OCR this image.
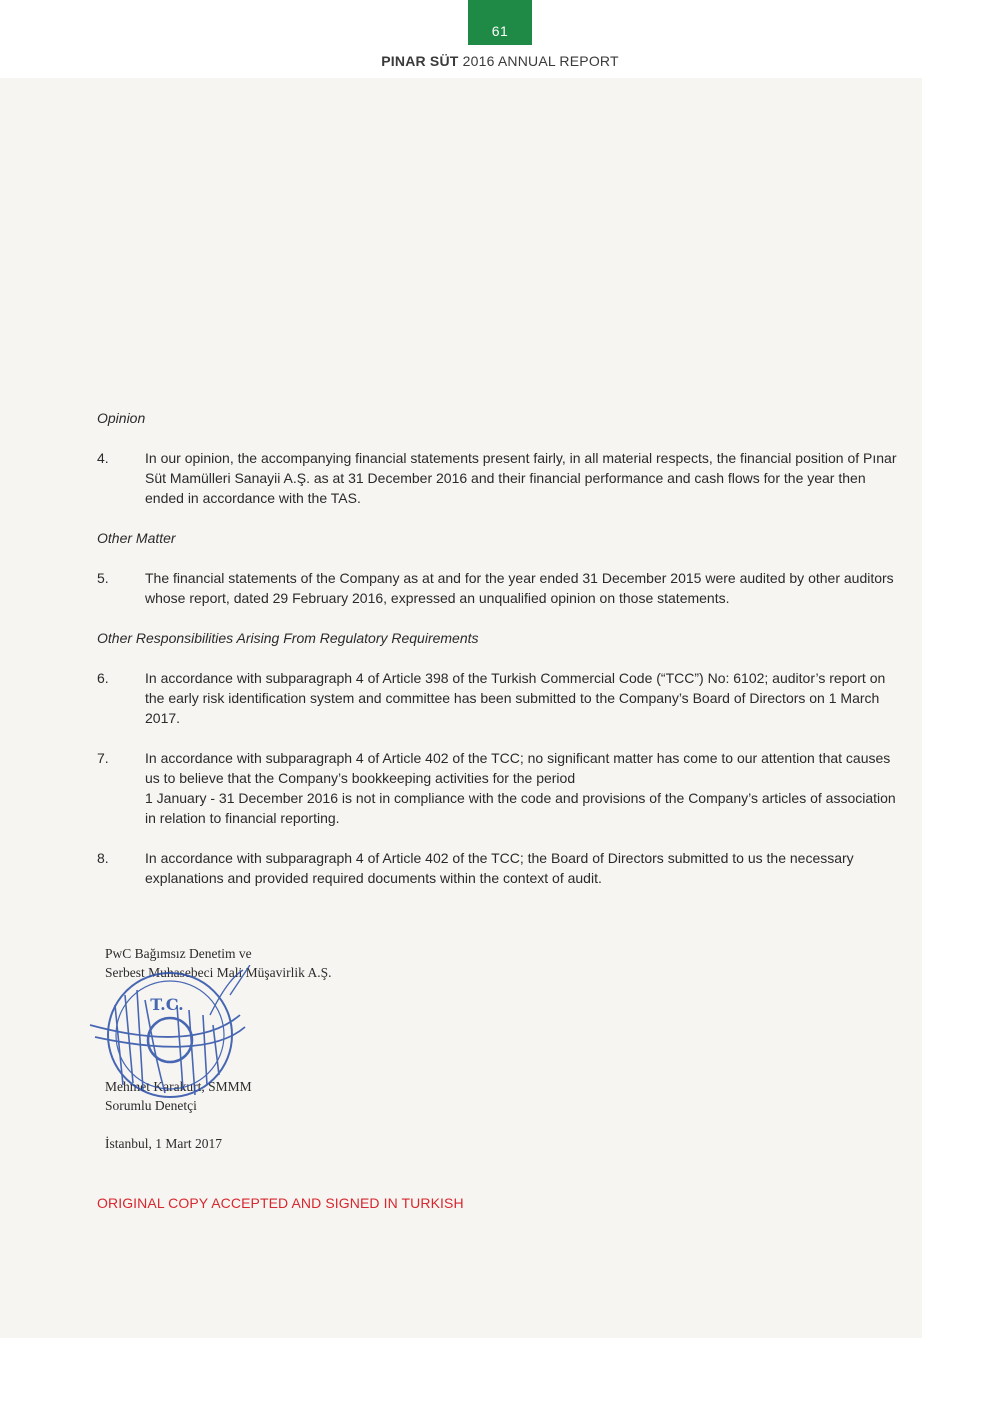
61
PINAR SÜT 2016 ANNUAL REPORT

Opinion

4.	In our opinion, the accompanying financial statements present fairly, in all material respects, the financial position of Pınar Süt Mamülleri Sanayii A.Ş. as at 31 December 2016 and their financial performance and cash flows for the year then ended in accordance with the TAS.

Other Matter

5.	The financial statements of the Company as at and for the year ended 31 December 2015 were audited by other auditors whose report, dated 29 February 2016, expressed an unqualified opinion on those statements.

Other Responsibilities Arising From Regulatory Requirements

6.	In accordance with subparagraph 4 of Article 398 of the Turkish Commercial Code (“TCC”) No: 6102; auditor’s report on the early risk identification system and committee has been submitted to the Company’s Board of Directors on 1 March 2017.
7.	In accordance with subparagraph 4 of Article 402 of the TCC; no significant matter has come to our attention that causes us to believe that the Company’s bookkeeping activities for the period
1 January - 31 December 2016 is not in compliance with the code and provisions of the Company’s articles of association in relation to financial reporting.
8.	In accordance with subparagraph 4 of Article 402 of the TCC; the Board of Directors submitted to us the necessary explanations and provided required documents within the context of audit.
PwC Bağımsız Denetim ve
Serbest Muhasebeci Mali Müşavirlik A.Ş.
Mehmet Karakurt, SMMM
Sorumlu Denetçi
İstanbul, 1 Mart 2017
T.C.
ORIGINAL COPY ACCEPTED AND SIGNED IN TURKISH
